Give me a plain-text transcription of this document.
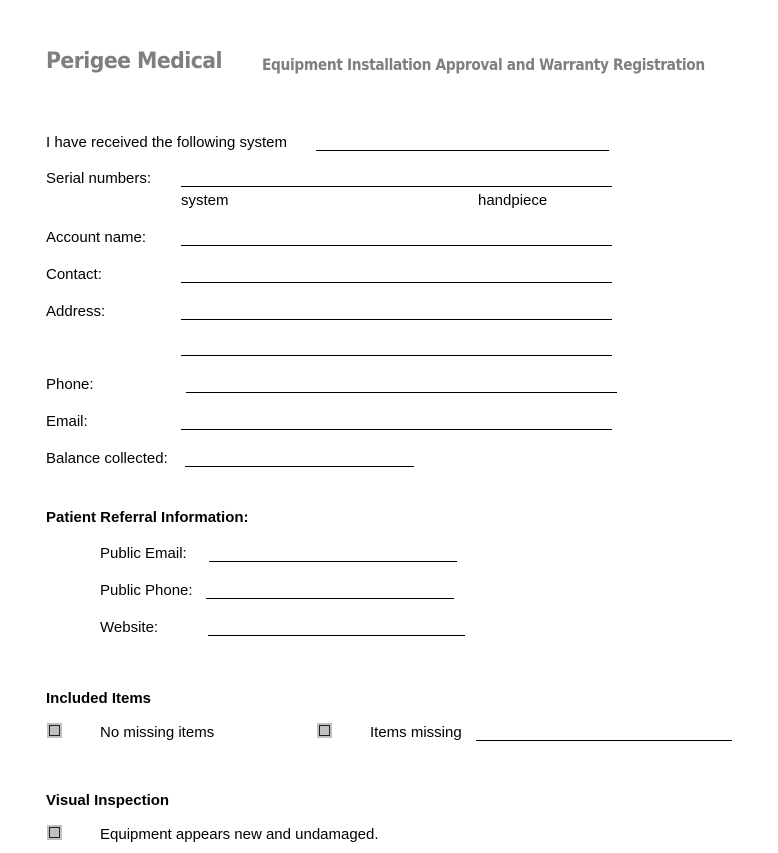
Perigee Medical	Equipment Installation Approval and Warranty Registration
I have received the following system
Serial numbers:
system	handpiece
Account name:
Contact:
Address:
Phone:
Email:
Balance collected:
Patient Referral Information:
Public Email:
Public Phone:
Website:
Included Items
No missing items	Items missing
Visual Inspection
Equipment appears new and undamaged.
